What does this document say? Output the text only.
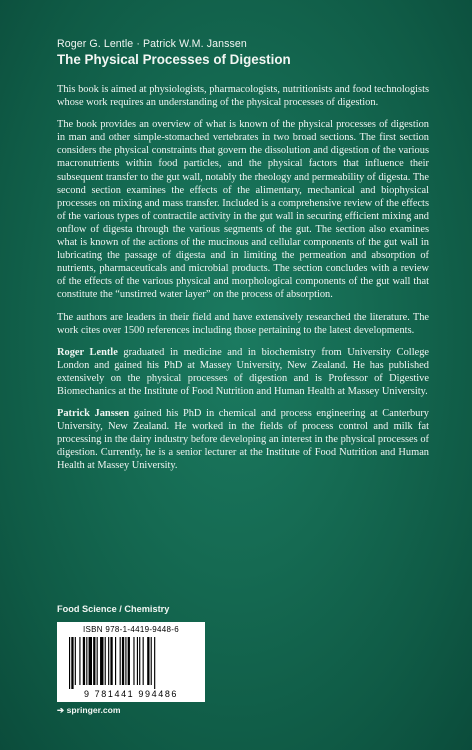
Roger G. Lentle · Patrick W.M. Janssen
The Physical Processes of Digestion

This book is aimed at physiologists, pharmacologists, nutritionists and food technologists whose work requires an understanding of the physical processes of digestion.

The book provides an overview of what is known of the physical processes of digestion in man and other simple-stomached vertebrates in two broad sections. The first section considers the physical constraints that govern the dissolution and digestion of the various macronutrients within food particles, and the physical factors that influence their subsequent transfer to the gut wall, notably the rheology and permeability of digesta. The second section examines the effects of the alimentary, mechanical and biophysical processes on mixing and mass transfer. Included is a comprehensive review of the effects of the various types of contractile activity in the gut wall in securing efficient mixing and onflow of digesta through the various segments of the gut. The section also examines what is known of the actions of the mucinous and cellular components of the gut wall in lubricating the passage of digesta and in limiting the permeation and absorption of nutrients, pharmaceuticals and microbial products. The section concludes with a review of the effects of the various physical and morphological components of the gut wall that constitute the “unstirred water layer” on the process of absorption.

The authors are leaders in their field and have extensively researched the literature. The work cites over 1500 references including those pertaining to the latest developments.

Roger Lentle graduated in medicine and in biochemistry from University College London and gained his PhD at Massey University, New Zealand. He has published extensively on the physical processes of digestion and is Professor of Digestive Biomechanics at the Institute of Food Nutrition and Human Health at Massey University.

Patrick Janssen gained his PhD in chemical and process engineering at Canterbury University, New Zealand. He worked in the fields of process control and milk fat processing in the dairy industry before developing an interest in the physical processes of digestion. Currently, he is a senior lecturer at the Institute of Food Nutrition and Human Health at Massey University.

Food Science / Chemistry
ISBN 978-1-4419-9448-6
9 781441 994486
➔ springer.com
